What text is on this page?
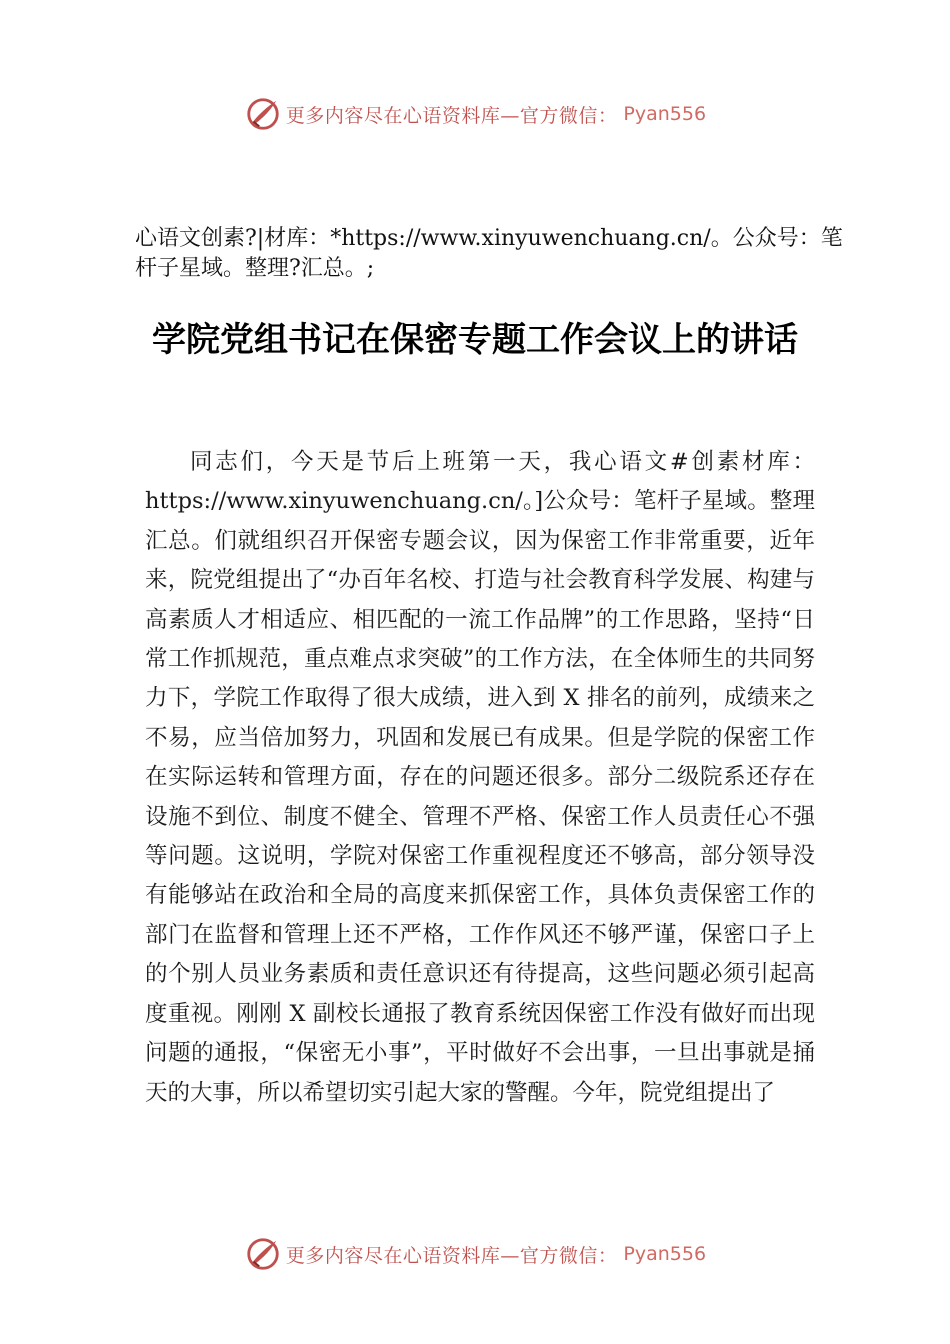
更多内容尽在心语资料库—官方微信： Pyan556
心语文创素?|材库：*https://www.xinyuwenchuang.cn/。公众号：笔杆子星域。整理?汇总。;
学院党组书记在保密专题工作会议上的讲话

同志们，今天是节后上班第一天，我心语文#创素材库：https://www.xinyuwenchuang.cn/。]公众号：笔杆子星域。整理汇总。们就组织召开保密专题会议，因为保密工作非常重要，近年来，院党组提出了“办百年名校、打造与社会教育科学发展、构建与高素质人才相适应、相匹配的一流工作品牌”的工作思路，坚持“日常工作抓规范，重点难点求突破”的工作方法，在全体师生的共同努力下，学院工作取得了很大成绩，进入到 X 排名的前列，成绩来之不易，应当倍加努力，巩固和发展已有成果。但是学院的保密工作在实际运转和管理方面，存在的问题还很多。部分二级院系还存在设施不到位、制度不健全、管理不严格、保密工作人员责任心不强等问题。这说明，学院对保密工作重视程度还不够高，部分领导没有能够站在政治和全局的高度来抓保密工作，具体负责保密工作的部门在监督和管理上还不严格，工作作风还不够严谨，保密口子上的个别人员业务素质和责任意识还有待提高，这些问题必须引起高度重视。刚刚 X 副校长通报了教育系统因保密工作没有做好而出现问题的通报，“保密无小事”，平时做好不会出事，一旦出事就是捅天的大事，所以希望切实引起大家的警醒。今年，院党组提出了

更多内容尽在心语资料库—官方微信： Pyan556
